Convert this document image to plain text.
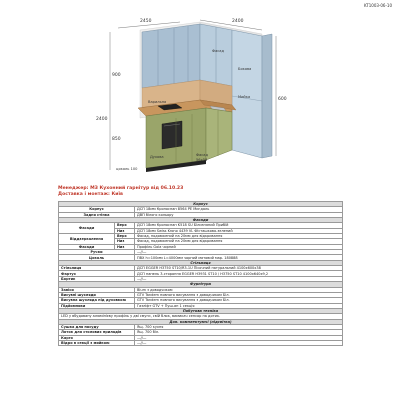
KT1003-06-10
2450	2400
2400
900
850
цоколь 100
Фасад
Бокова
Мийка
Варильна
Духова	Фасад
56х58
600
Менеджер: МЗ Кухонний гарнітур від 06.10.23
Доставка і монтаж: Київ
Корпус		
Корпус		ДСП 18мм Кроноспан 8564 PE Мигдаль
Задня стінка		ДВП білого кольору
Фасади		
Фасади	Верх	ДСП 18мм Кроноспан K518 SU Білизняний Прибій
	Низ	ДСП 18мм Swiss Krono 4439 VL Фісташково-зелений
Віддзеркалення	Верх	Фасад, подовжений на 20мм для відкривання
	Низ	Фасад, подовжений на 20мм для відкривання
Фасади	Низ	Профіль Gola чорний
Ручки		—//—
Цоколь		ПВХ h=100мм L=4000мм чорний матовий мар. 180888
Стільниця		
Стільниця		ДСП EGGER H3750 ST10/R3-1U Пісочний натуральний 4100х600х38
Фартух		ДСП панель 3-стороння EGGER H3931 ST10 / H3750 ST10 4100х640х9,2
Бортик		—//—
Фурнітура		
Завіси		Blum з доводчиком
Висувні шухляди		GTV Tandem повного висування з доводчиком Біл.
Висувна шухляда під духовкою		GTV Tandem повного висування з доводчиком Біл.
Підйомники		Газліфт GTV + Пуш-ап 1 секція
Побутова техніка		
LED у вбудовану алюмінієву профіль у дві смуги, свій блок, вимикач сенсор на дотик.		
Доп. комплектуючі (підсвітка)		
Сушка для посуду		Ящ. 700 кухня
Лоток для столових приладів		Ящ. 700 біл.
Карго		—//—
Відро в секції з мийкою		—//—
